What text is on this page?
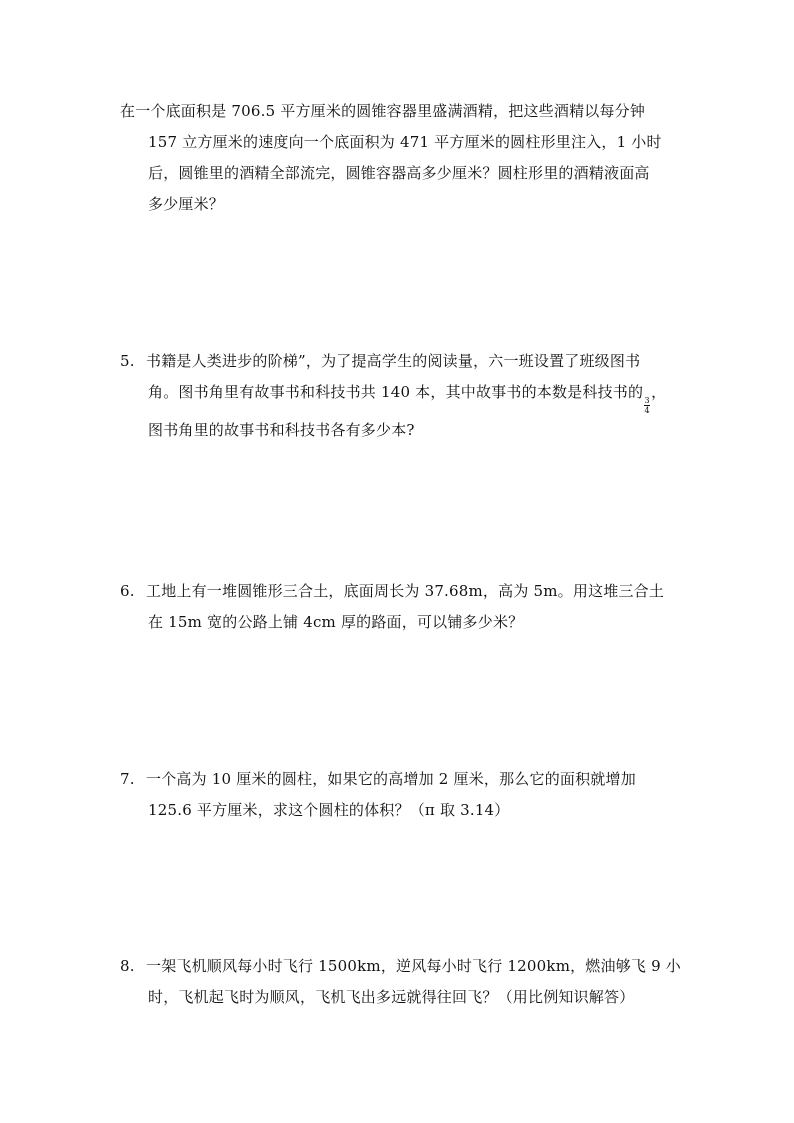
在一个底面积是 706.5 平方厘米的圆锥容器里盛满酒精，把这些酒精以每分钟
157 立方厘米的速度向一个底面积为 471 平方厘米的圆柱形里注入，1 小时
后，圆锥里的酒精全部流完，圆锥容器高多少厘米？圆柱形里的酒精液面高
多少厘米？
5. 书籍是人类进步的阶梯”，为了提高学生的阅读量，六一班设置了班级图书
角。图书角里有故事书和科技书共 140 本，其中故事书的本数是科技书的
$\frac{3}{4}$
，
图书角里的故事书和科技书各有多少本?
6. 工地上有一堆圆锥形三合土，底面周长为 37.68m，高为 5m。用这堆三合土
在 15m 宽的公路上铺 4cm 厚的路面，可以铺多少米？
7. 一个高为 10 厘米的圆柱，如果它的高增加 2 厘米，那么它的面积就增加
125.6 平方厘米，求这个圆柱的体积？（π 取 3.14）
8. 一架飞机顺风每小时飞行 1500km，逆风每小时飞行 1200km，燃油够飞 9 小
时，飞机起飞时为顺风，飞机飞出多远就得往回飞？（用比例知识解答）
